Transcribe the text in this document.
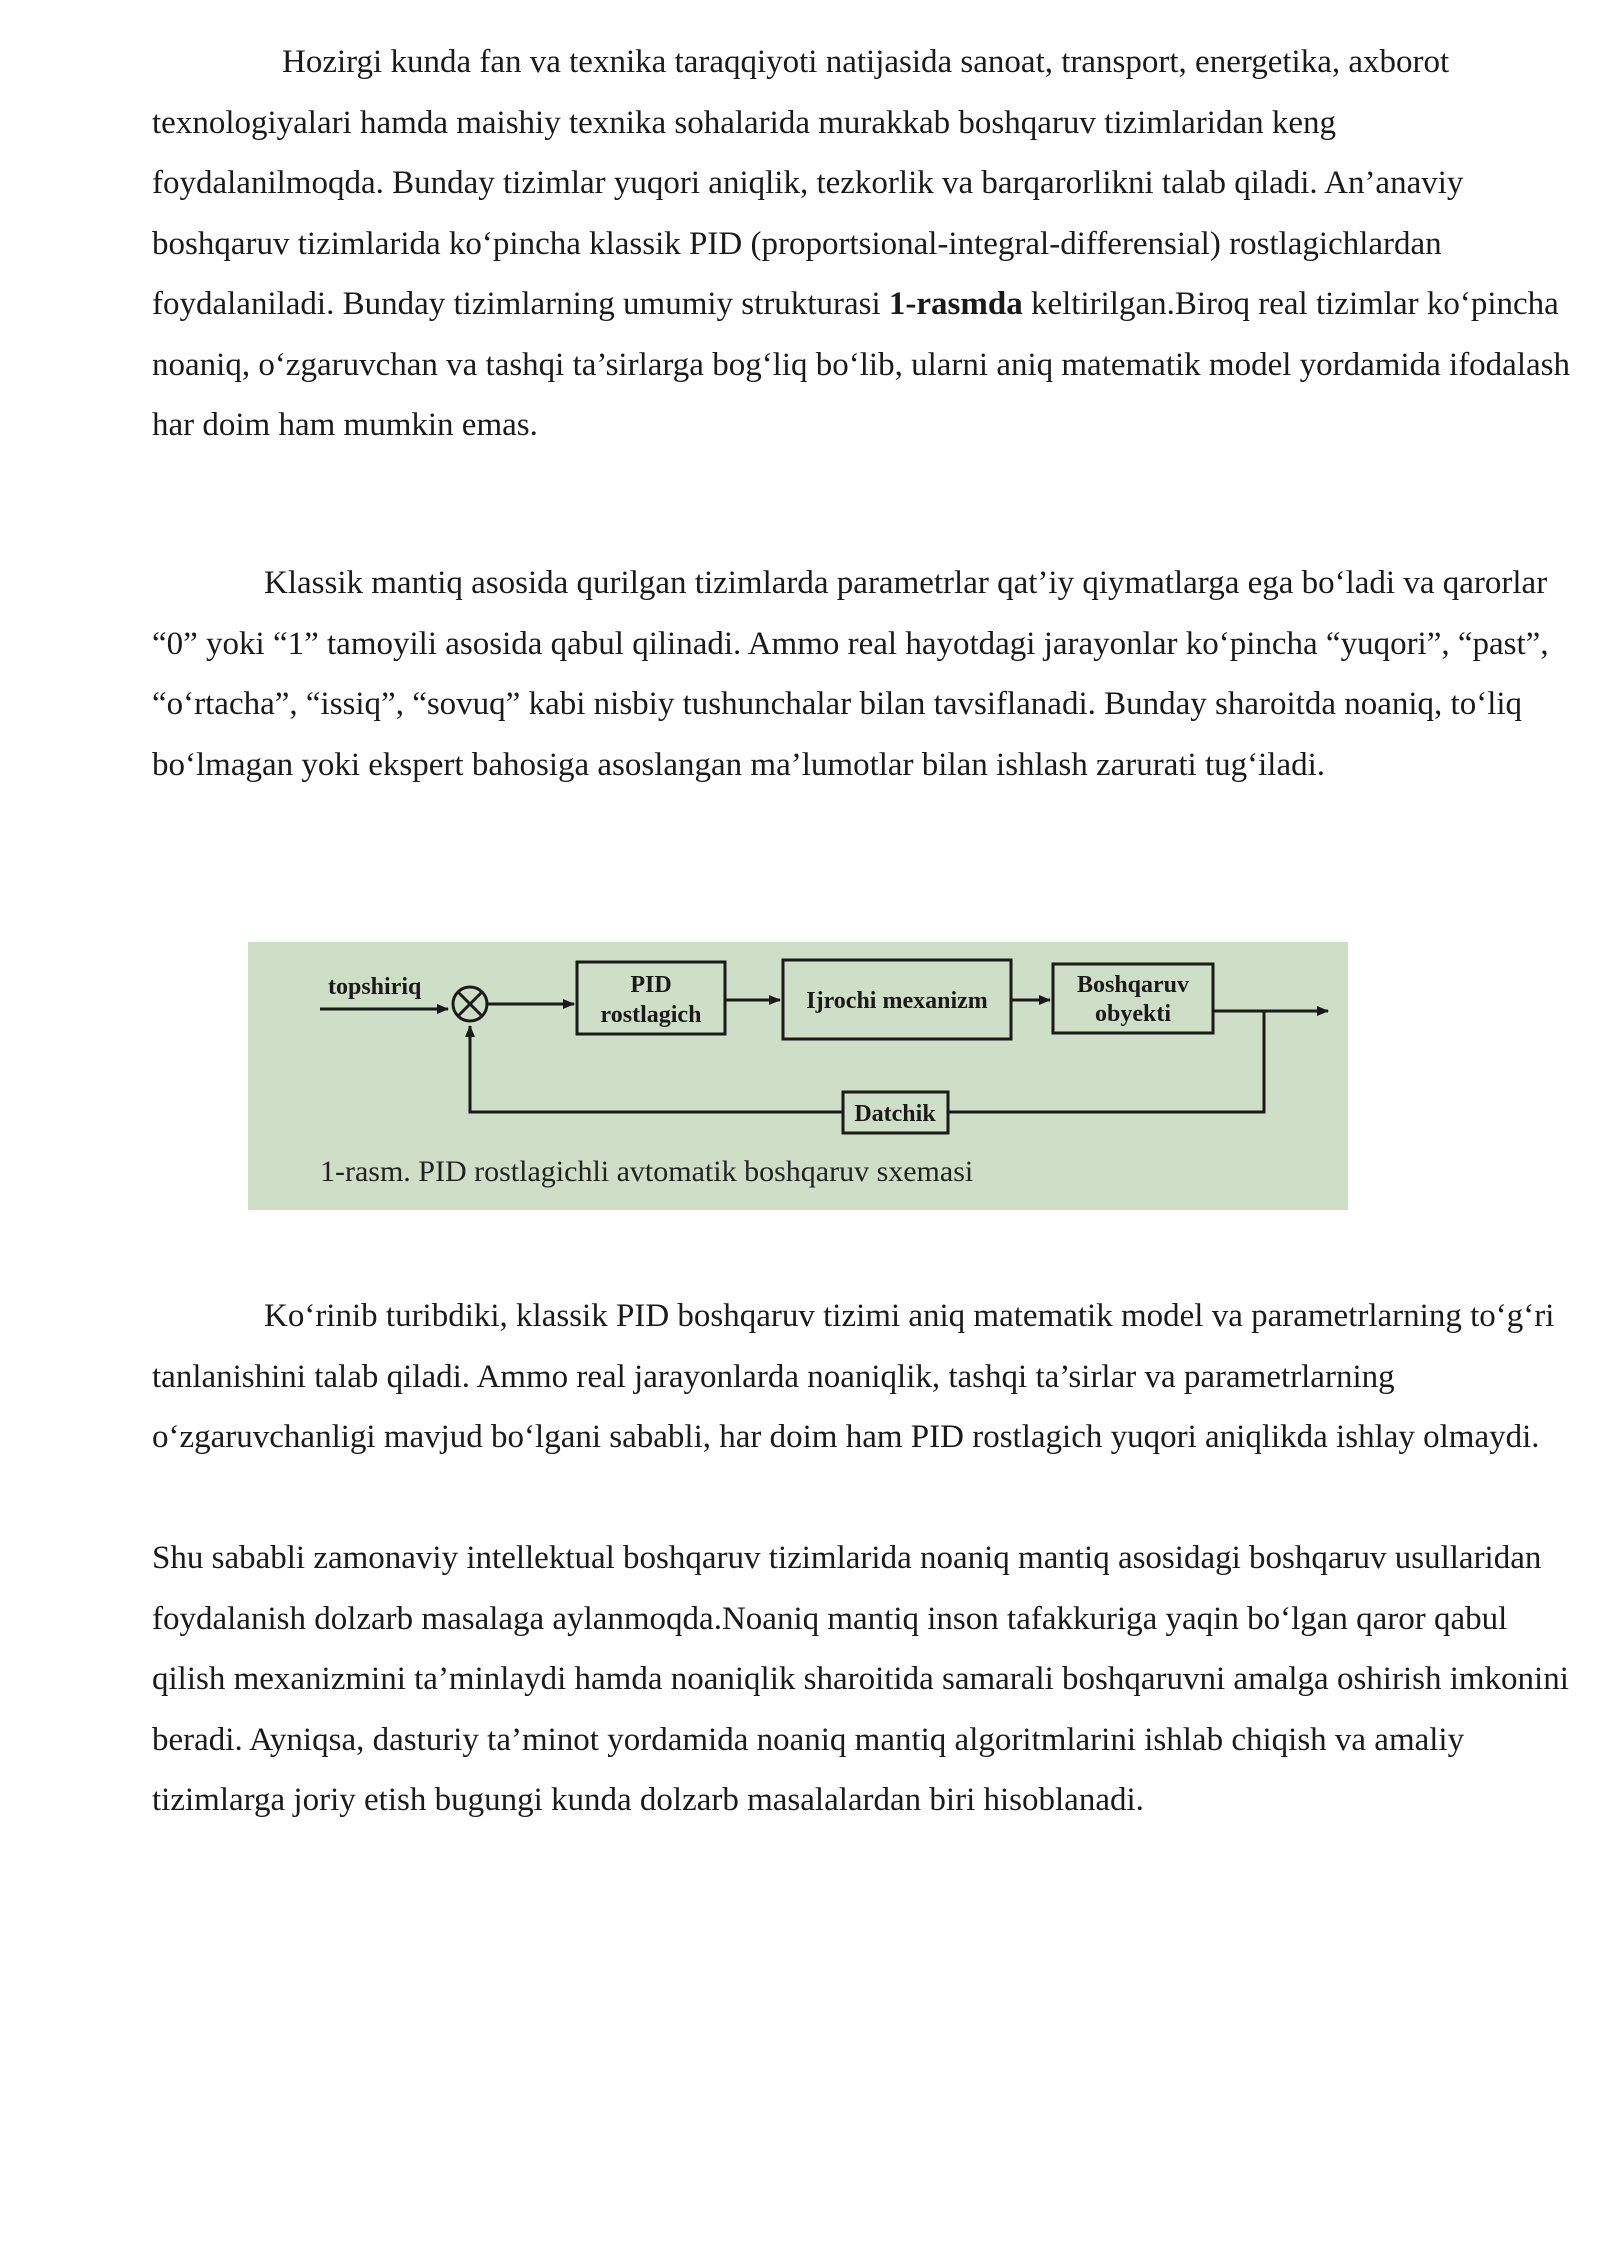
Hozirgi kunda fan va texnika taraqqiyoti natijasida sanoat, transport, energetika, axborot texnologiyalari hamda maishiy texnika sohalarida murakkab boshqaruv tizimlaridan keng foydalanilmoqda. Bunday tizimlar yuqori aniqlik, tezkorlik va barqarorlikni talab qiladi. An’anaviy boshqaruv tizimlarida ko‘pincha klassik PID (proportsional-integral-differensial) rostlagichlardan foydalaniladi. Bunday tizimlarning umumiy strukturasi 1-rasmda keltirilgan.Biroq real tizimlar ko‘pincha noaniq, o‘zgaruvchan va tashqi ta’sirlarga bog‘liq bo‘lib, ularni aniq matematik model yordamida ifodalash har doim ham mumkin emas.

Klassik mantiq asosida qurilgan tizimlarda parametrlar qat’iy qiymatlarga ega bo‘ladi va qarorlar “0” yoki “1” tamoyili asosida qabul qilinadi. Ammo real hayotdagi jarayonlar ko‘pincha “yuqori”, “past”, “o‘rtacha”, “issiq”, “sovuq” kabi nisbiy tushunchalar bilan tavsiflanadi. Bunday sharoitda noaniq, to‘liq bo‘lmagan yoki ekspert bahosiga asoslangan ma’lumotlar bilan ishlash zarurati tug‘iladi.

topshiriq	PID
rostlagich
Ijrochi mexanizm
Boshqaruv
obyekti
Datchik
1-rasm. PID rostlagichli avtomatik boshqaruv sxemasi

Ko‘rinib turibdiki, klassik PID boshqaruv tizimi aniq matematik model va parametrlarning to‘g‘ri tanlanishini talab qiladi. Ammo real jarayonlarda noaniqlik, tashqi ta’sirlar va parametrlarning o‘zgaruvchanligi mavjud bo‘lgani sababli, har doim ham PID rostlagich yuqori aniqlikda ishlay olmaydi.

Shu sababli zamonaviy intellektual boshqaruv tizimlarida noaniq mantiq asosidagi boshqaruv usullaridan foydalanish dolzarb masalaga aylanmoqda.Noaniq mantiq inson tafakkuriga yaqin bo‘lgan qaror qabul qilish mexanizmini ta’minlaydi hamda noaniqlik sharoitida samarali boshqaruvni amalga oshirish imkonini beradi. Ayniqsa, dasturiy ta’minot yordamida noaniq mantiq algoritmlarini ishlab chiqish va amaliy tizimlarga joriy etish bugungi kunda dolzarb masalalardan biri hisoblanadi.
